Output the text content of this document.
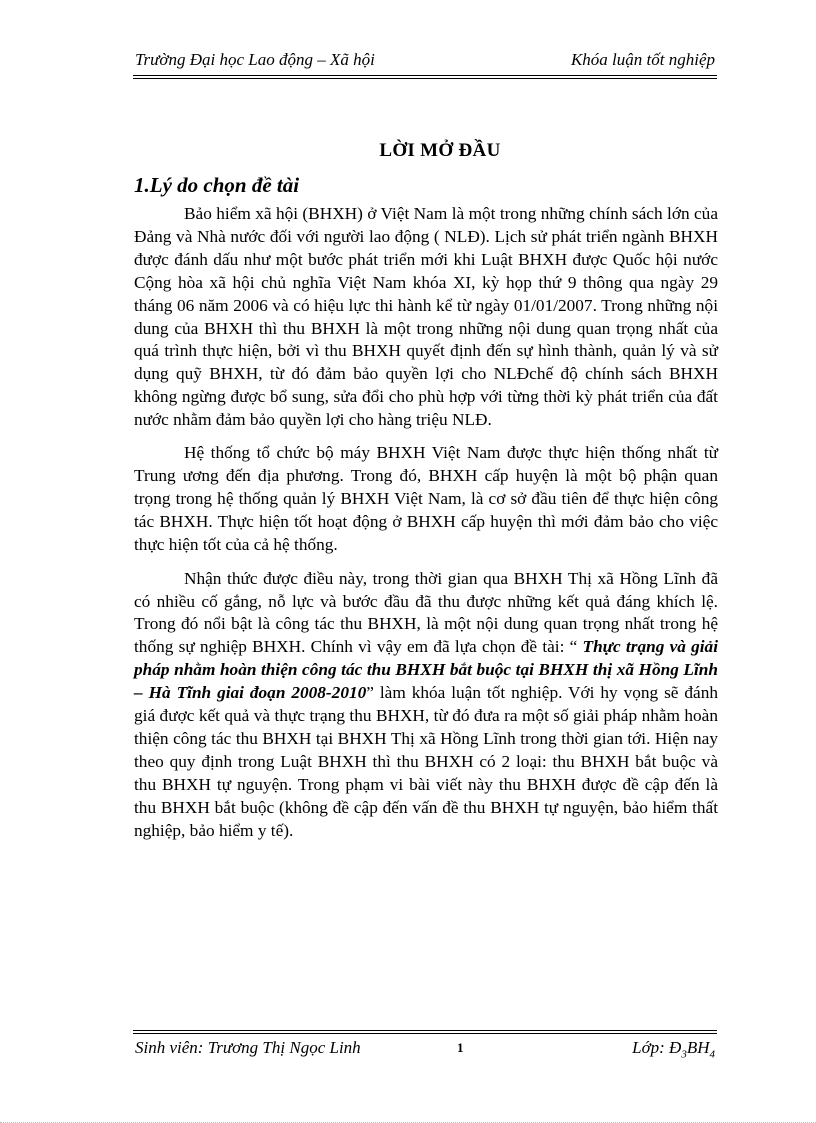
Trường Đại học Lao động – Xã hội	Khóa luận tốt nghiệp
LỜI MỞ ĐẦU
1.Lý do chọn đề tài

Bảo hiểm xã hội (BHXH) ở Việt Nam là một trong những chính sách lớn của Đảng và Nhà nước đối với người lao động ( NLĐ). Lịch sử phát triển ngành BHXH được đánh dấu như một bước phát triển mới khi Luật BHXH được Quốc hội nước Cộng hòa xã hội chủ nghĩa Việt Nam khóa XI, kỳ họp thứ 9 thông qua ngày 29 tháng 06 năm 2006 và có hiệu lực thi hành kể từ ngày 01/01/2007. Trong những nội dung của BHXH thì thu BHXH là một trong những nội dung quan trọng nhất của quá trình thực hiện, bởi vì thu BHXH quyết định đến sự hình thành, quản lý và sử dụng quỹ BHXH, từ đó đảm bảo quyền lợi cho NLĐchế độ chính sách BHXH không ngừng được bổ sung, sửa đổi cho phù hợp với từng thời kỳ phát triển của đất nước nhằm đảm bảo quyền lợi cho hàng triệu NLĐ.

Hệ thống tổ chức bộ máy BHXH Việt Nam được thực hiện thống nhất từ Trung ương đến địa phương. Trong đó, BHXH cấp huyện là một bộ phận quan trọng trong hệ thống quản lý BHXH Việt Nam, là cơ sở đầu tiên để thực hiện công tác BHXH. Thực hiện tốt hoạt động ở BHXH cấp huyện thì mới đảm bảo cho việc thực hiện tốt của cả hệ thống.

Nhận thức được điều này, trong thời gian qua BHXH Thị xã Hồng Lĩnh đã có nhiều cố gắng, nỗ lực và bước đầu đã thu được những kết quả đáng khích lệ. Trong đó nổi bật là công tác thu BHXH, là một nội dung quan trọng nhất trong hệ thống sự nghiệp BHXH. Chính vì vậy em đã lựa chọn đề tài: “ Thực trạng và giải pháp nhằm hoàn thiện công tác thu BHXH bắt buộc tại BHXH thị xã Hồng Lĩnh – Hà Tĩnh giai đoạn 2008-2010” làm khóa luận tốt nghiệp. Với hy vọng sẽ đánh giá được kết quả và thực trạng thu BHXH, từ đó đưa ra một số giải pháp nhằm hoàn thiện công tác thu BHXH tại BHXH Thị xã Hồng Lĩnh trong thời gian tới. Hiện nay theo quy định trong Luật BHXH thì thu BHXH có 2 loại: thu BHXH bắt buộc và thu BHXH tự nguyện. Trong phạm vi bài viết này thu BHXH được đề cập đến là thu BHXH bắt buộc (không đề cập đến vấn đề thu BHXH tự nguyện, bảo hiểm thất nghiệp, bảo hiểm y tế).

Sinh viên: Trương Thị Ngọc Linh	1	Lớp: $Đ_3BH_4$
